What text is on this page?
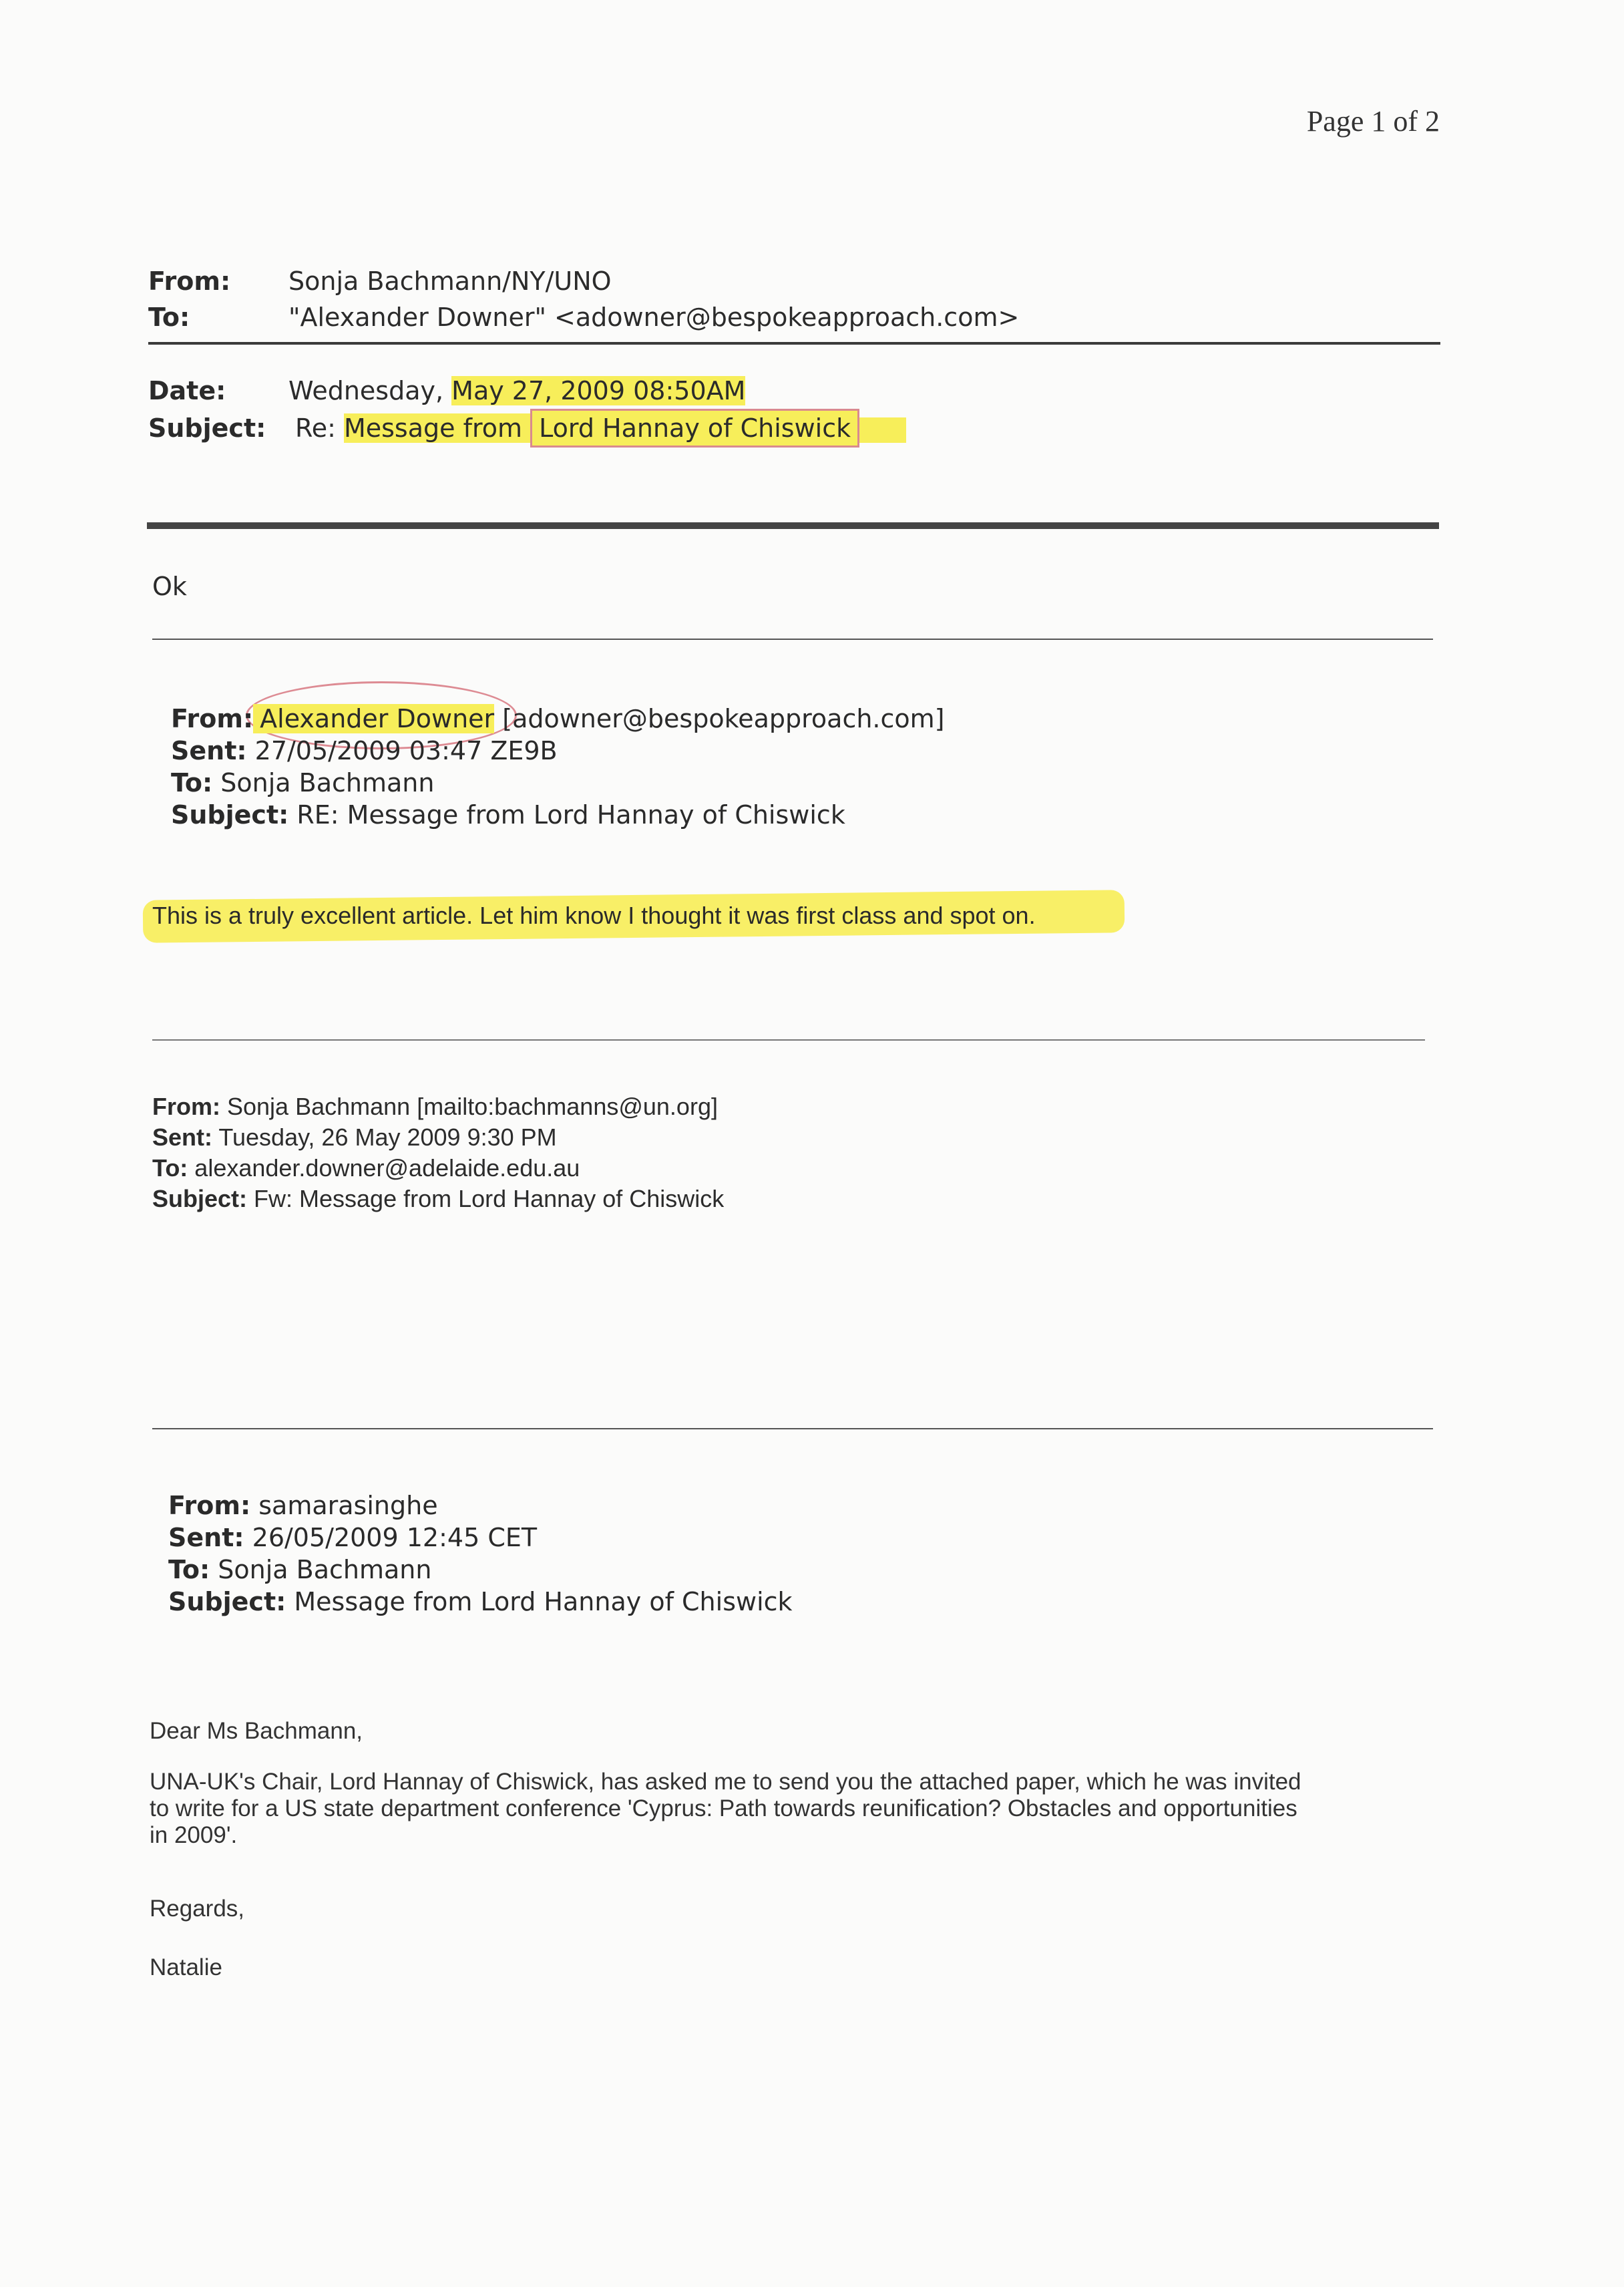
Page 1 of 2
From: Sonja Bachmann/NY/UNO
To:	"Alexander Downer" <adowner@bespokeapproach.com>
Date: Wednesday, May 27, 2009 08:50AM
Subject: Re: Message from Lord Hannay of Chiswick
Ok
From: Alexander Downer [adowner@bespokeapproach.com]
Sent: 27/05/2009 03:47 ZE9B
To: Sonja Bachmann
Subject: RE: Message from Lord Hannay of Chiswick
This is a truly excellent article. Let him know I thought it was first class and spot on.
From: Sonja Bachmann [mailto:bachmanns@un.org]
Sent: Tuesday, 26 May 2009 9:30 PM
To: alexander.downer@adelaide.edu.au
Subject: Fw: Message from Lord Hannay of Chiswick
From: samarasinghe
Sent: 26/05/2009 12:45 CET
To: Sonja Bachmann
Subject: Message from Lord Hannay of Chiswick
Dear Ms Bachmann,
UNA-UK's Chair, Lord Hannay of Chiswick, has asked me to send you the attached paper, which he was invited
to write for a US state department conference 'Cyprus: Path towards reunification? Obstacles and opportunities
in 2009'.
Regards,
Natalie
